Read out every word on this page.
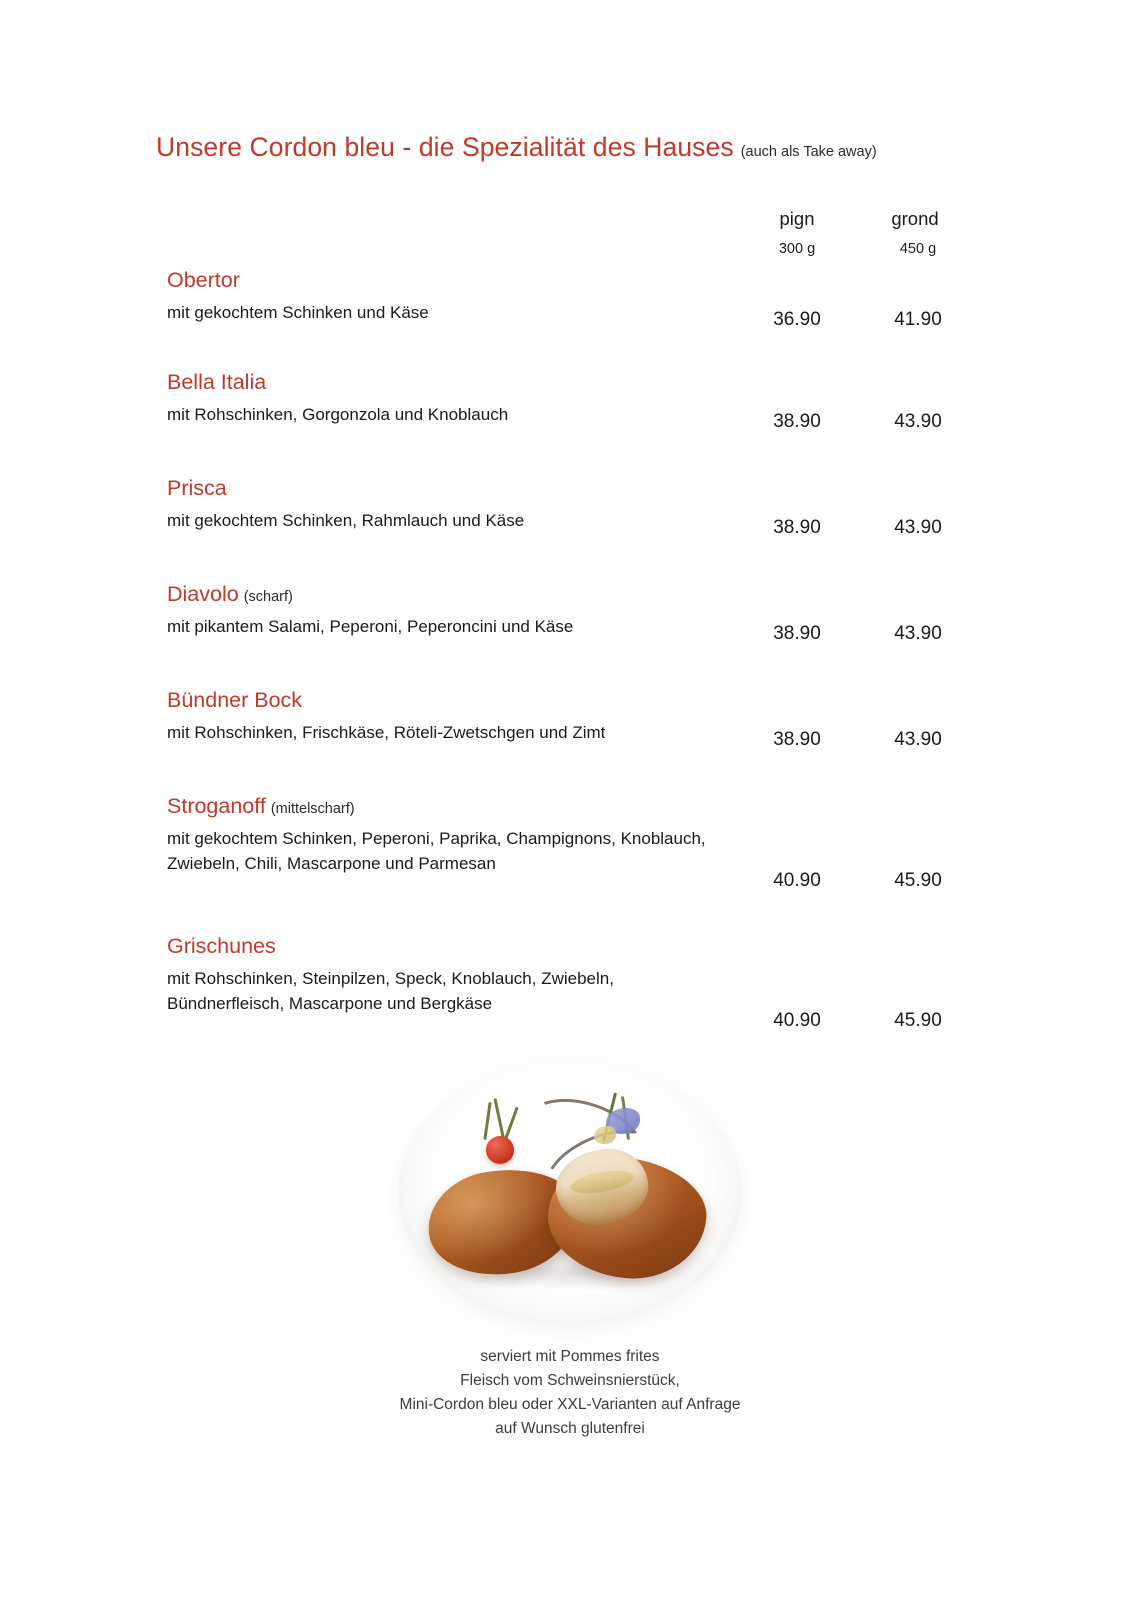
Unsere Cordon bleu - die Spezialität des Hauses (auch als Take away)
pign	grond
300 g	450 g
Obertor
mit gekochtem Schinken und Käse	36.90	41.90
Bella Italia
mit Rohschinken, Gorgonzola und Knoblauch	38.90	43.90
Prisca
mit gekochtem Schinken, Rahmlauch und Käse	38.90	43.90
Diavolo (scharf)
mit pikantem Salami, Peperoni, Peperoncini und Käse	38.90	43.90
Bündner Bock
mit Rohschinken, Frischkäse, Röteli-Zwetschgen und Zimt	38.90	43.90
Stroganoff (mittelscharf)
mit gekochtem Schinken, Peperoni, Paprika, Champignons, Knoblauch, Zwiebeln, Chili, Mascarpone und Parmesan
40.90	45.90
Grischunes
mit Rohschinken, Steinpilzen, Speck, Knoblauch, Zwiebeln, Bündnerfleisch, Mascarpone und Bergkäse
40.90	45.90
serviert mit Pommes frites
Fleisch vom Schweinsnierstück,
Mini-Cordon bleu oder XXL-Varianten auf Anfrage
auf Wunsch glutenfrei
